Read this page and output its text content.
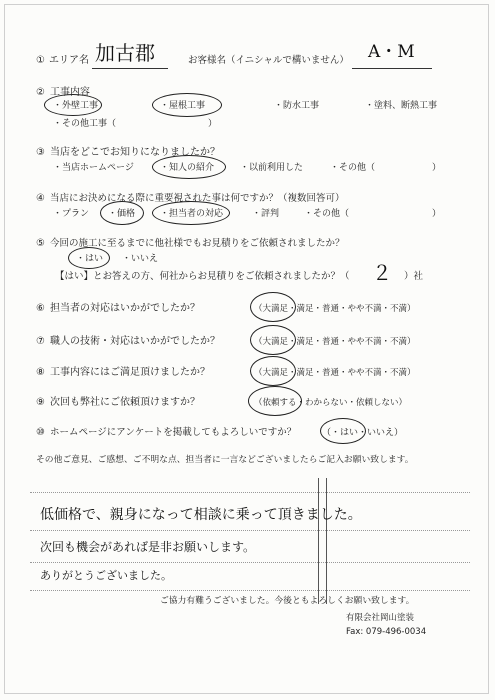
① エリア名 加古郡	お客様名（イニシャルで構いません） A・M
② 工事内容
・外壁工事	・屋根工事	・防水工事	・塗料、断熱工事
・その他工事（	）
③ 当店をどこでお知りになりましたか？
・当店ホームページ	・知人の紹介	・以前利用した	・その他（	）
④ 当店にお決めになる際に重要視された事は何ですか？（複数回答可）
・プラン ・価格	・担当者の対応	・評判	・その他（	）
⑤ 今回の施工に至るまでに他社様でもお見積りをご依頼されましたか？
・はい ・いいえ
【はい】とお答えの方、何社からお見積りをご依頼されましたか？（ ２ ）社
⑥ 担当者の対応はいかがでしたか？	（大満足・満足・普通・やや不満・不満）
⑦ 職人の技術・対応はいかがでしたか？	（大満足・満足・普通・やや不満・不満）
⑧ 工事内容にはご満足頂けましたか？	（大満足・満足・普通・やや不満・不満）
⑨ 次回も弊社にご依頼頂けますか？	（依頼する・わからない・依頼しない）
⑩ ホームページにアンケートを掲載してもよろしいですか？	（・はい・いいえ）
その他ご意見、ご感想、ご不明な点、担当者に一言などございましたらご記入お願い致します。
低価格で、親身になって相談に乗って頂きました。
次回も機会があれば是非お願いします。
ありがとうございました。
ご協力有難うございました。今後ともよろしくお願い致します。
有限会社岡山塗装
Fax: 079-496-0034
